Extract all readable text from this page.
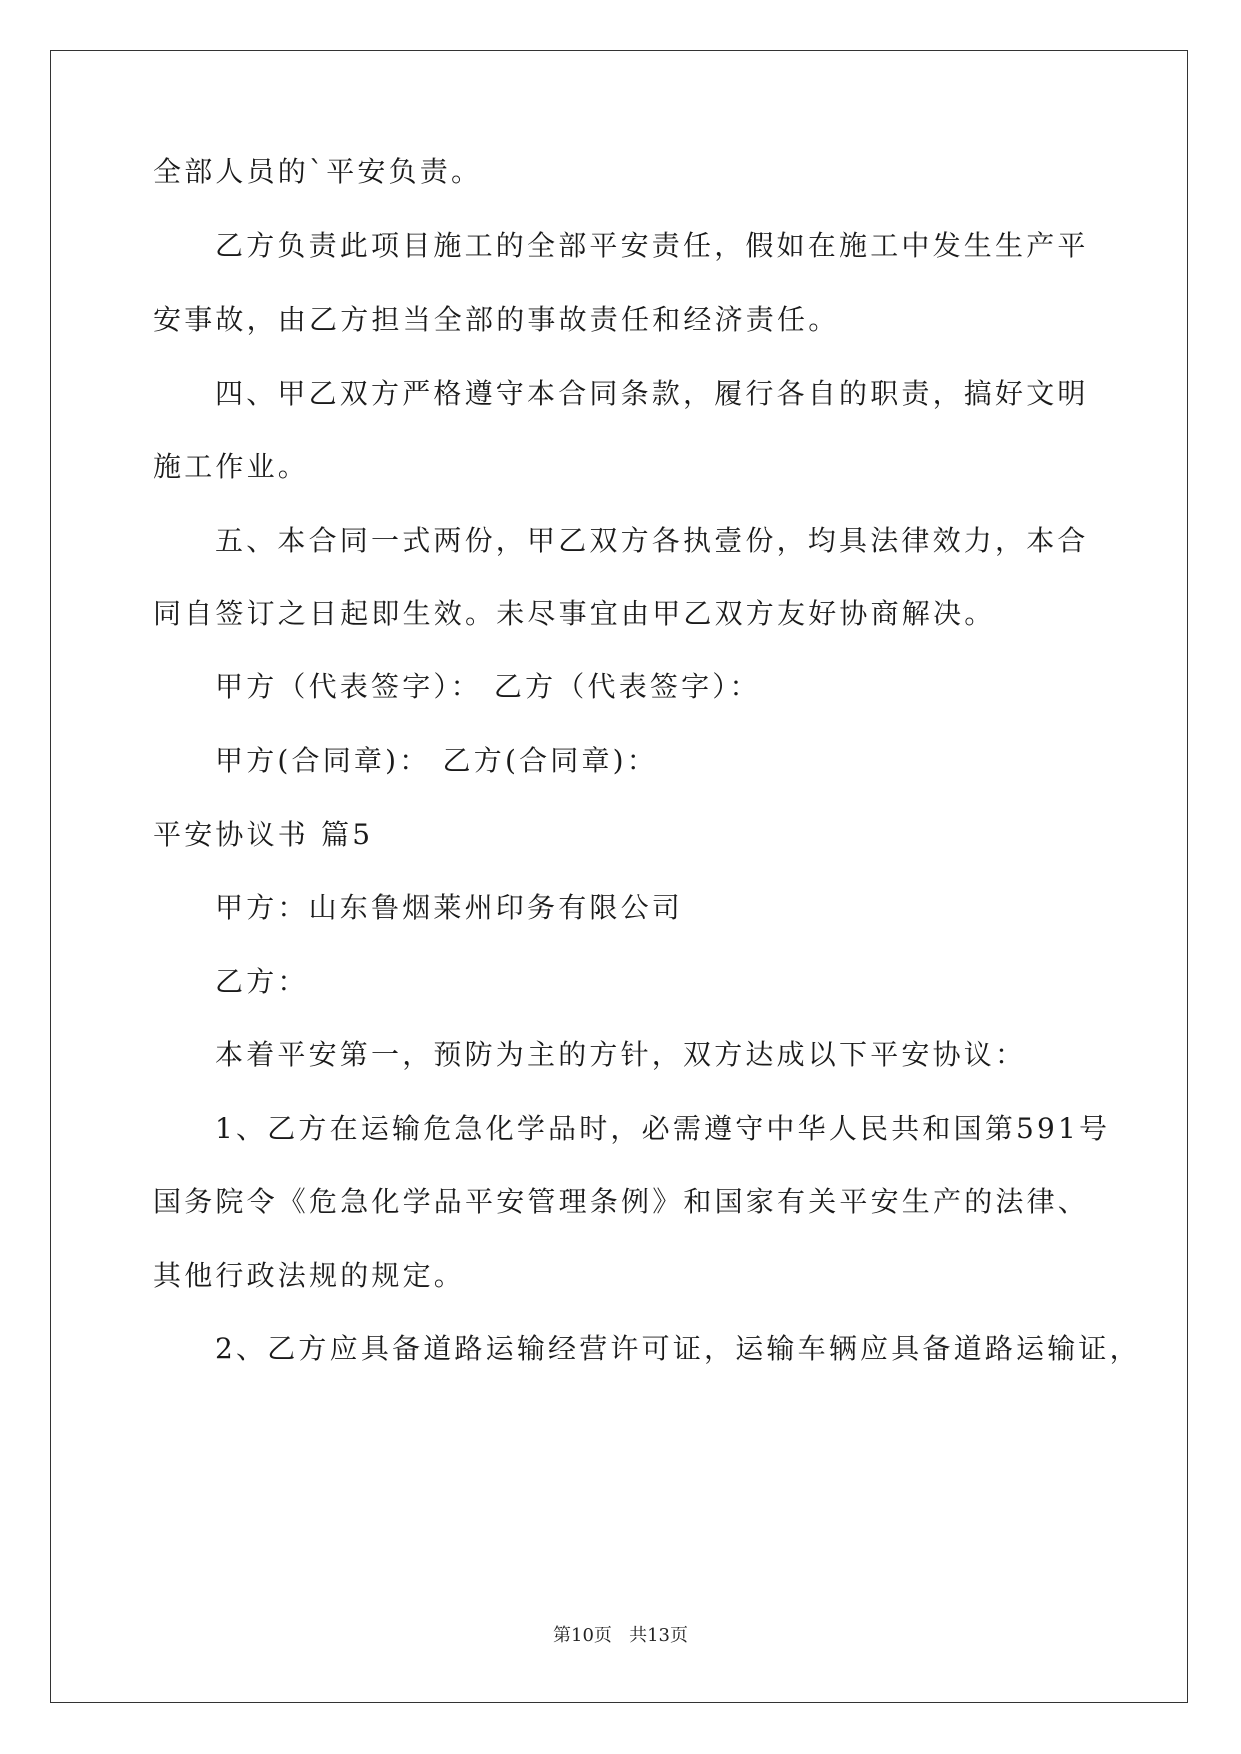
全部人员的`平安负责。
乙方负责此项目施工的全部平安责任，假如在施工中发生生产平
安事故，由乙方担当全部的事故责任和经济责任。
四、甲乙双方严格遵守本合同条款，履行各自的职责，搞好文明
施工作业。
五、本合同一式两份，甲乙双方各执壹份，均具法律效力，本合
同自签订之日起即生效。未尽事宜由甲乙双方友好协商解决。
甲方（代表签字）： 乙方（代表签字）：
甲方(合同章)： 乙方(合同章)：
平安协议书 篇5
甲方：山东鲁烟莱州印务有限公司
乙方：
本着平安第一，预防为主的方针，双方达成以下平安协议：
1、乙方在运输危急化学品时，必需遵守中华人民共和国第591号
国务院令《危急化学品平安管理条例》和国家有关平安生产的法律、
其他行政法规的规定。
2、乙方应具备道路运输经营许可证，运输车辆应具备道路运输证，
第10页 共13页
